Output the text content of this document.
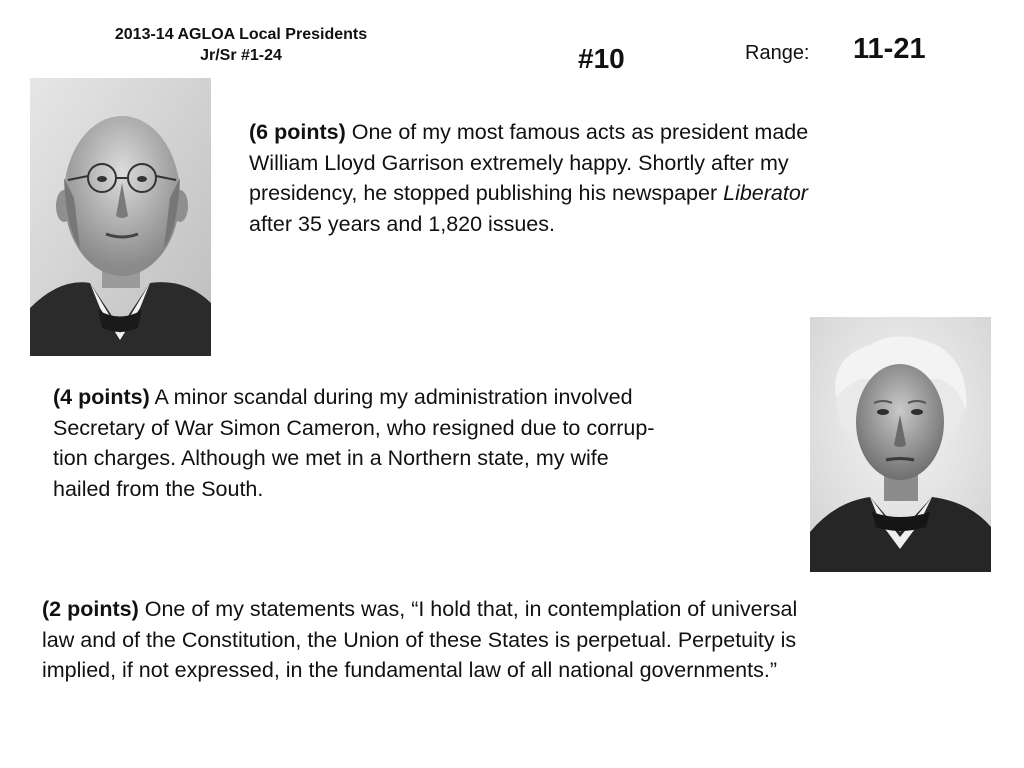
2013-14 AGLOA Local Presidents
Jr/Sr #1-24	#10	Range: 11-21
(6 points) One of my most famous acts as president made
William Lloyd Garrison extremely happy. Shortly after my
presidency, he stopped publishing his newspaper Liberator
after 35 years and 1,820 issues.
(4 points) A minor scandal during my administration involved
Secretary of War Simon Cameron, who resigned due to corrup-
tion charges. Although we met in a Northern state, my wife
hailed from the South.
(2 points) One of my statements was, “I hold that, in contemplation of universal
law and of the Constitution, the Union of these States is perpetual. Perpetuity is
implied, if not expressed, in the fundamental law of all national governments.”
